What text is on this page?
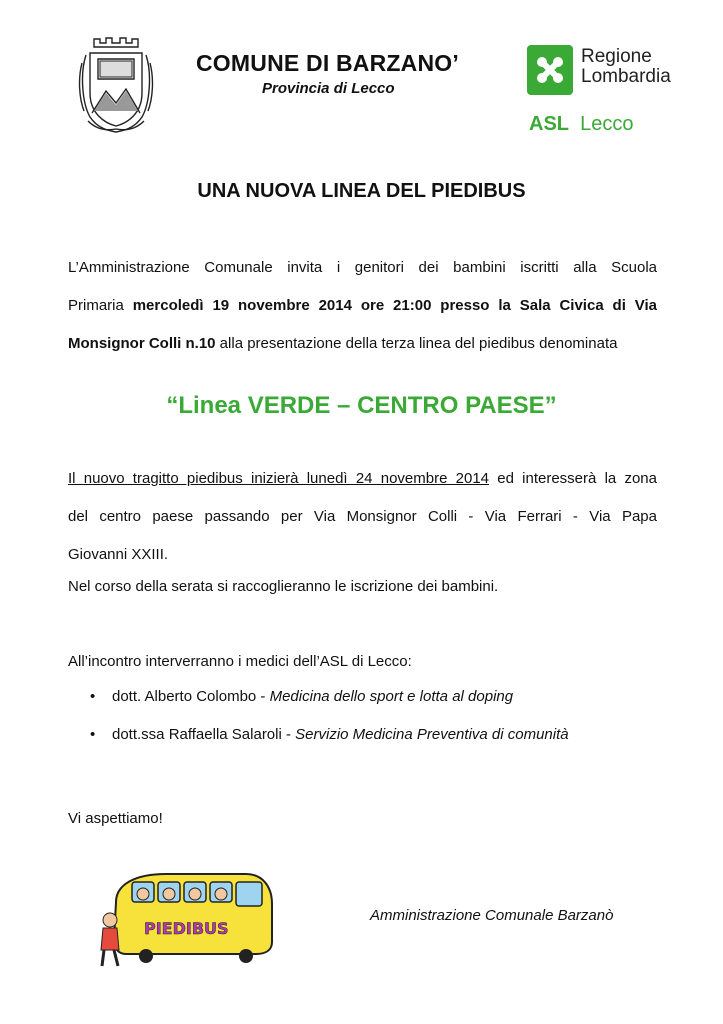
COMUNE DI BARZANO’
Provincia di Lecco
Regione
Lombardia
ASL Lecco
UNA NUOVA LINEA DEL PIEDIBUS
L’Amministrazione Comunale invita i genitori dei bambini iscritti alla Scuola
Primaria mercoledì 19 novembre 2014 ore 21:00 presso la Sala Civica di Via
Monsignor Colli n.10 alla presentazione della terza linea del piedibus denominata
“Linea VERDE – CENTRO PAESE”
Il nuovo tragitto piedibus inizierà lunedì 24 novembre 2014 ed interesserà la zona
del centro paese passando per Via Monsignor Colli - Via Ferrari - Via Papa
Giovanni XXIII.
Nel corso della serata si raccoglieranno le iscrizione dei bambini.
All’incontro interverranno i medici dell’ASL di Lecco:
• dott. Alberto Colombo - Medicina dello sport e lotta al doping
• dott.ssa Raffaella Salaroli - Servizio Medicina Preventiva di comunità
Vi aspettiamo!
PIEDIBUS
Amministrazione Comunale Barzanò
